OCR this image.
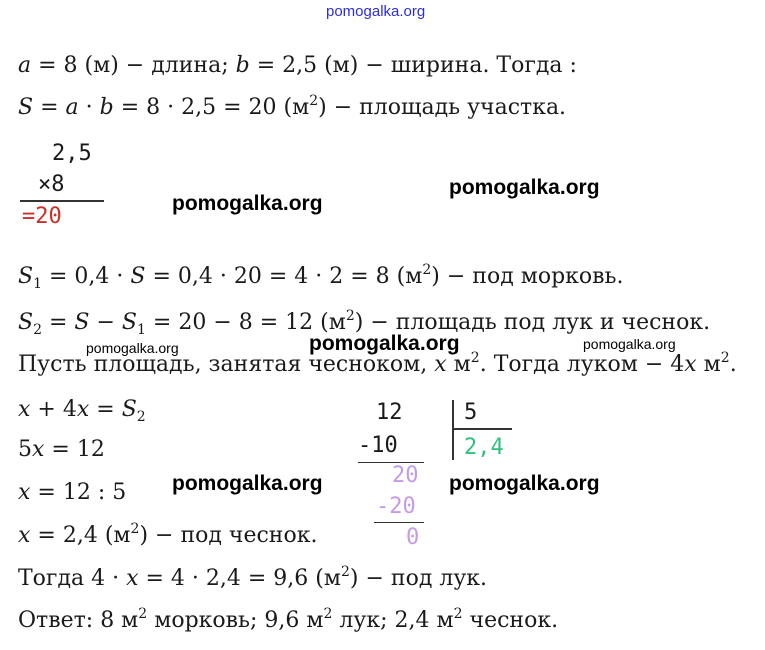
pomogalka.org
a = 8 (м) − длина; b = 2,5 (м) − ширина. Тогда :
S = a · b = 8 · 2,5 = 20 $(м^2)$ − площадь участка.
2,5
×8
=20
pomogalka.org
pomogalka.org
$S_1 = 0,4 \cdot S = 0,4 \cdot 20 = 4 \cdot 2 = 8$ $(м^2)$ − под морковь.
$S_2 = S - S_1 = 20 - 8 = 12$ $(м^2)$ − площадь под лук и чеснок.
Пусть площадь, занятая чесноком, x $м^2$. Тогда луком − 4x $м^2$.
pomogalka.org	pomogalka.org	pomogalka.org
$x + 4x = S_2$
5x = 12
x = 12 : 5
x = 2,4 $(м^2)$ − под чеснок.
pomogalka.org	pomogalka.org
12
-10
20
-20
0
5
2,4
Тогда 4 · x = 4 · 2,4 = 9,6 $(м^2)$ − под лук.
Ответ: 8 $м^2$ морковь; 9,6 $м^2$ лук; 2,4 $м^2$ чеснок.
